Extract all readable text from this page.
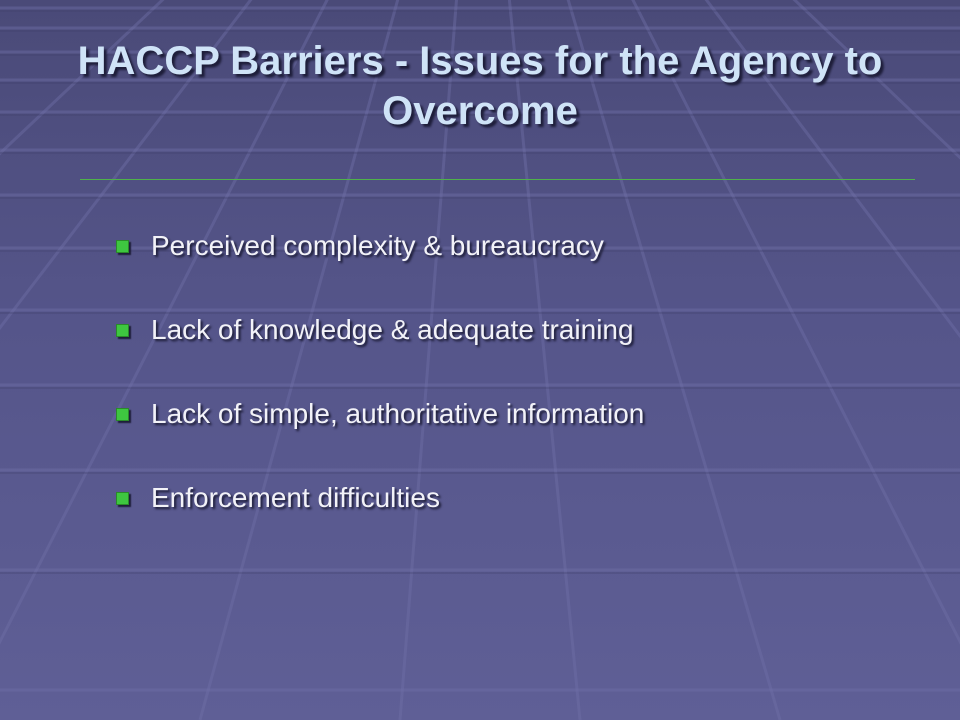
HACCP Barriers - Issues for the Agency to Overcome
Perceived complexity & bureaucracy
Lack of knowledge & adequate training
Lack of simple, authoritative information
Enforcement difficulties
